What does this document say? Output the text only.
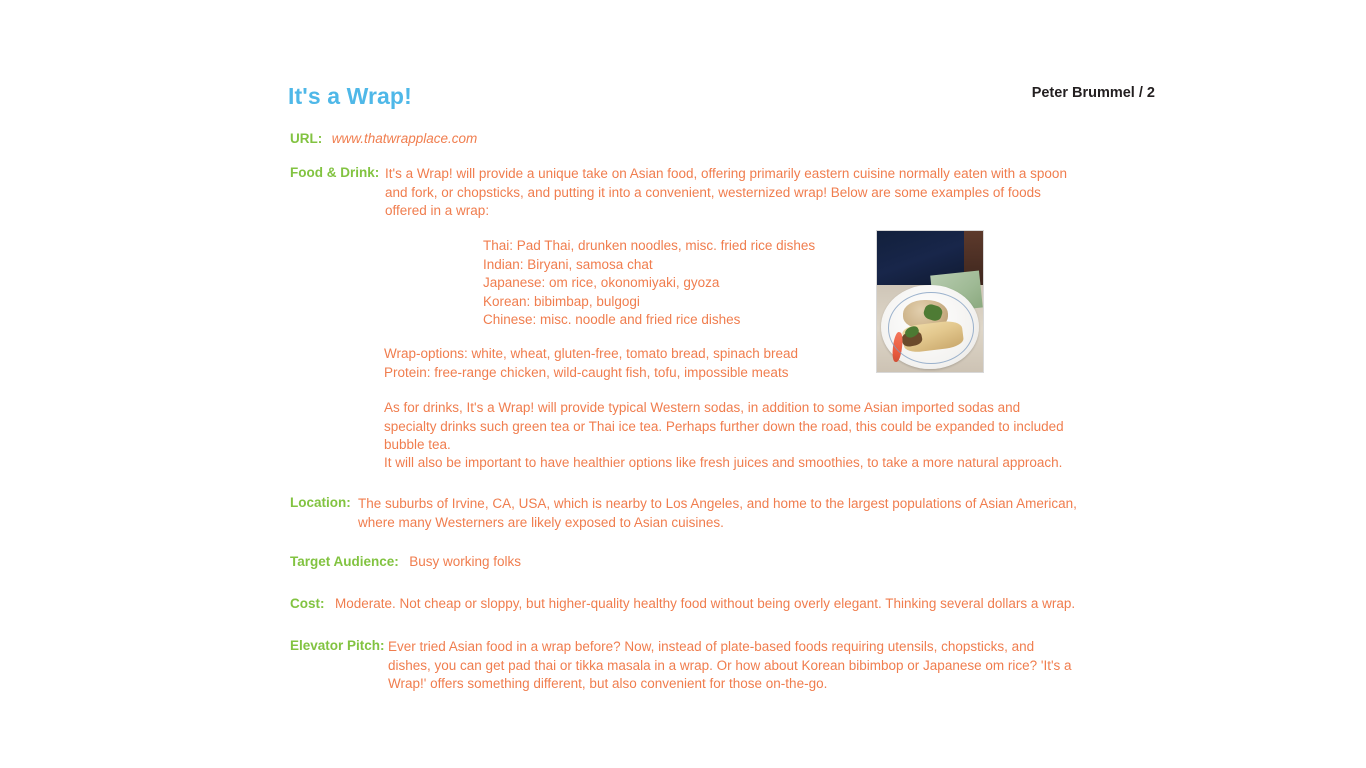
It's a Wrap!	Peter Brummel / 2
URL: www.thatwrapplace.com
Food & Drink: It's a Wrap! will provide a unique take on Asian food, offering primarily eastern cuisine normally eaten with a spoon and fork, or chopsticks, and putting it into a convenient, westernized wrap! Below are some examples of foods offered in a wrap:
Thai: Pad Thai, drunken noodles, misc. fried rice dishes
Indian: Biryani, samosa chat
Japanese: om rice, okonomiyaki, gyoza
Korean: bibimbap, bulgogi
Chinese: misc. noodle and fried rice dishes
Wrap-options: white, wheat, gluten-free, tomato bread, spinach bread
Protein: free-range chicken, wild-caught fish, tofu, impossible meats
As for drinks, It's a Wrap! will provide typical Western sodas, in addition to some Asian imported sodas and specialty drinks such green tea or Thai ice tea. Perhaps further down the road, this could be expanded to included bubble tea.
It will also be important to have healthier options like fresh juices and smoothies, to take a more natural approach.
Location: The suburbs of Irvine, CA, USA, which is nearby to Los Angeles, and home to the largest populations of Asian American, where many Westerners are likely exposed to Asian cuisines.
Target Audience: Busy working folks
Cost: Moderate. Not cheap or sloppy, but higher-quality healthy food without being overly elegant. Thinking several dollars a wrap.
Elevator Pitch: Ever tried Asian food in a wrap before? Now, instead of plate-based foods requiring utensils, chopsticks, and dishes, you can get pad thai or tikka masala in a wrap. Or how about Korean bibimbop or Japanese om rice? 'It's a Wrap!' offers something different, but also convenient for those on-the-go.
